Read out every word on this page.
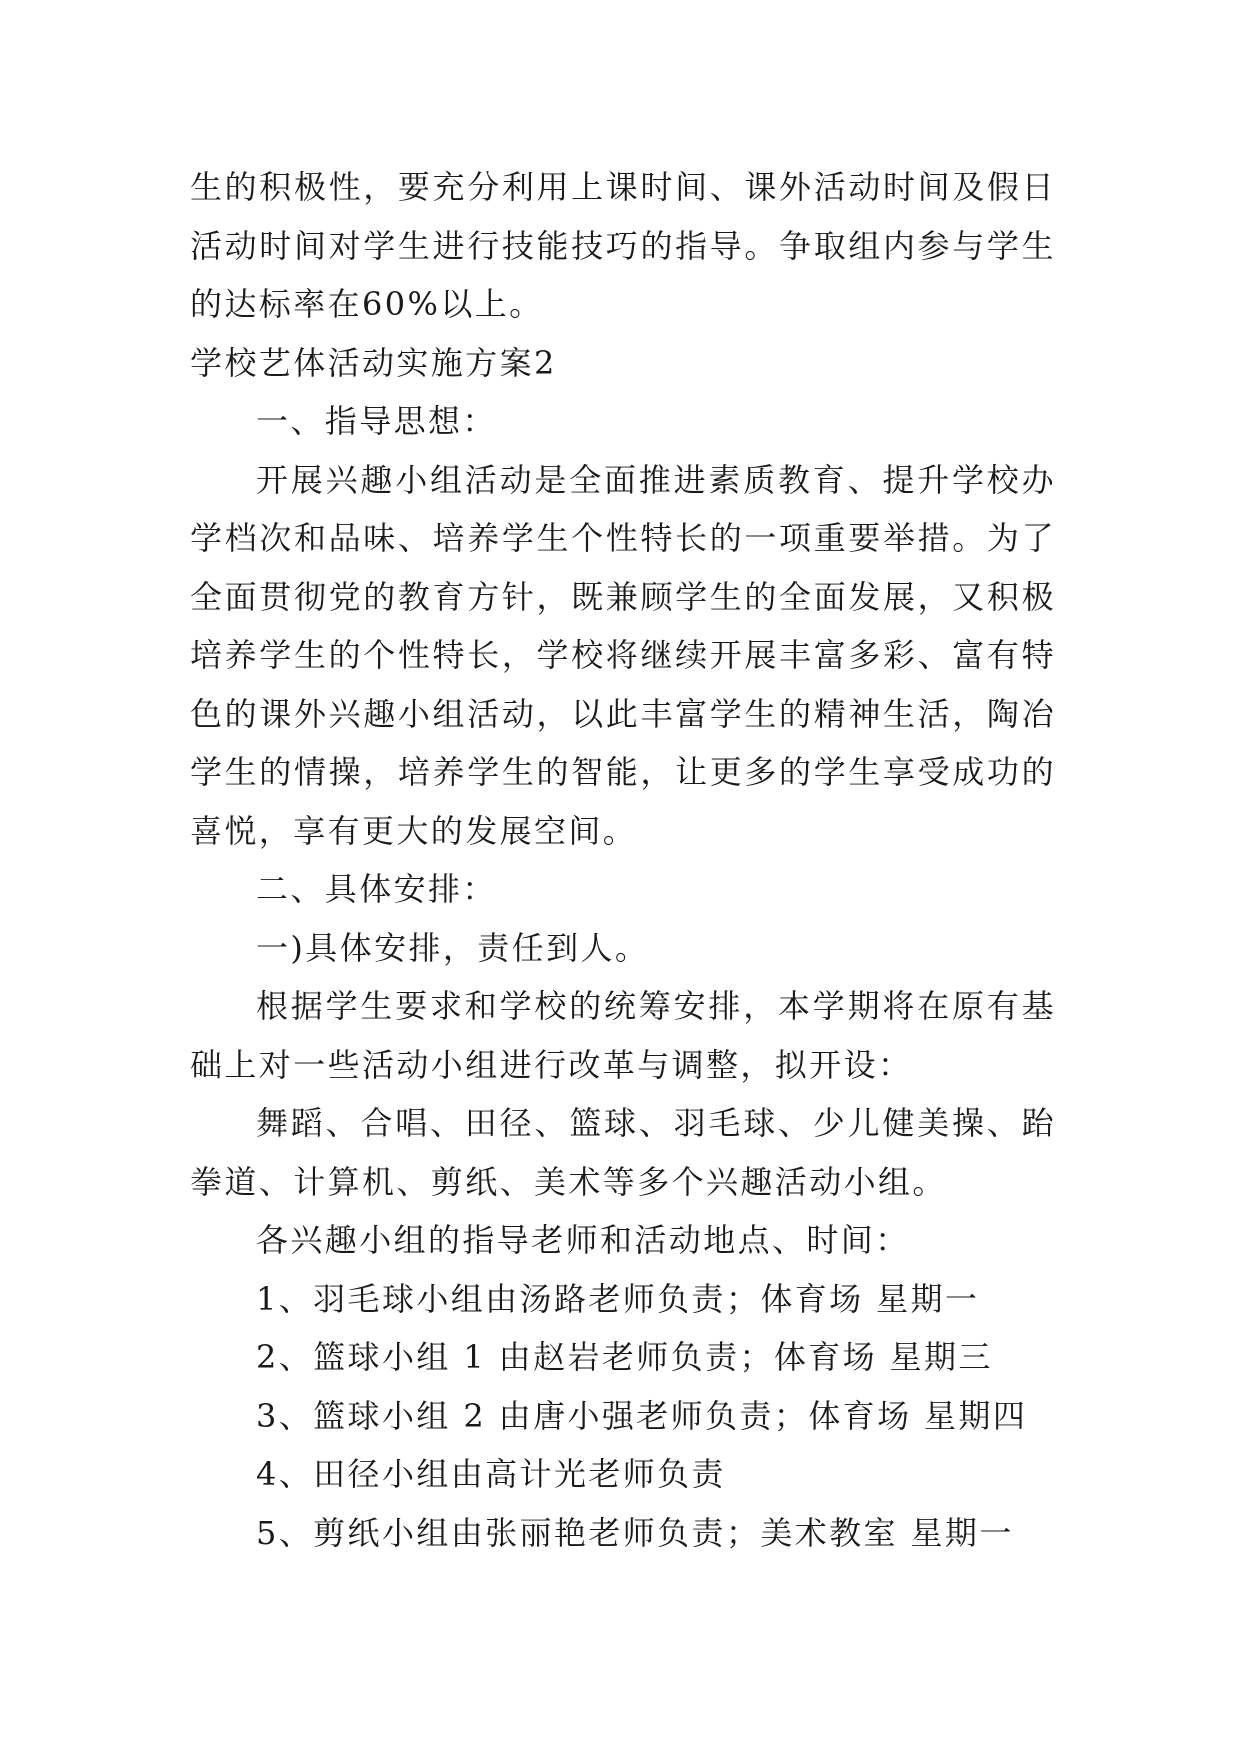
生的积极性，要充分利用上课时间、课外活动时间及假日活动时间对学生进行技能技巧的指导。争取组内参与学生的达标率在60%以上。

学校艺体活动实施方案2

一、指导思想：

开展兴趣小组活动是全面推进素质教育、提升学校办学档次和品味、培养学生个性特长的一项重要举措。为了全面贯彻党的教育方针，既兼顾学生的全面发展，又积极培养学生的个性特长，学校将继续开展丰富多彩、富有特色的课外兴趣小组活动，以此丰富学生的精神生活，陶冶学生的情操，培养学生的智能，让更多的学生享受成功的喜悦，享有更大的发展空间。

二、具体安排：

一)具体安排，责任到人。

根据学生要求和学校的统筹安排，本学期将在原有基础上对一些活动小组进行改革与调整，拟开设：

舞蹈、合唱、田径、篮球、羽毛球、少儿健美操、跆拳道、计算机、剪纸、美术等多个兴趣活动小组。

各兴趣小组的指导老师和活动地点、时间：

1、羽毛球小组由汤路老师负责；体育场 星期一

2、篮球小组 1 由赵岩老师负责；体育场 星期三

3、篮球小组 2 由唐小强老师负责；体育场 星期四

4、田径小组由高计光老师负责

5、剪纸小组由张丽艳老师负责；美术教室 星期一
